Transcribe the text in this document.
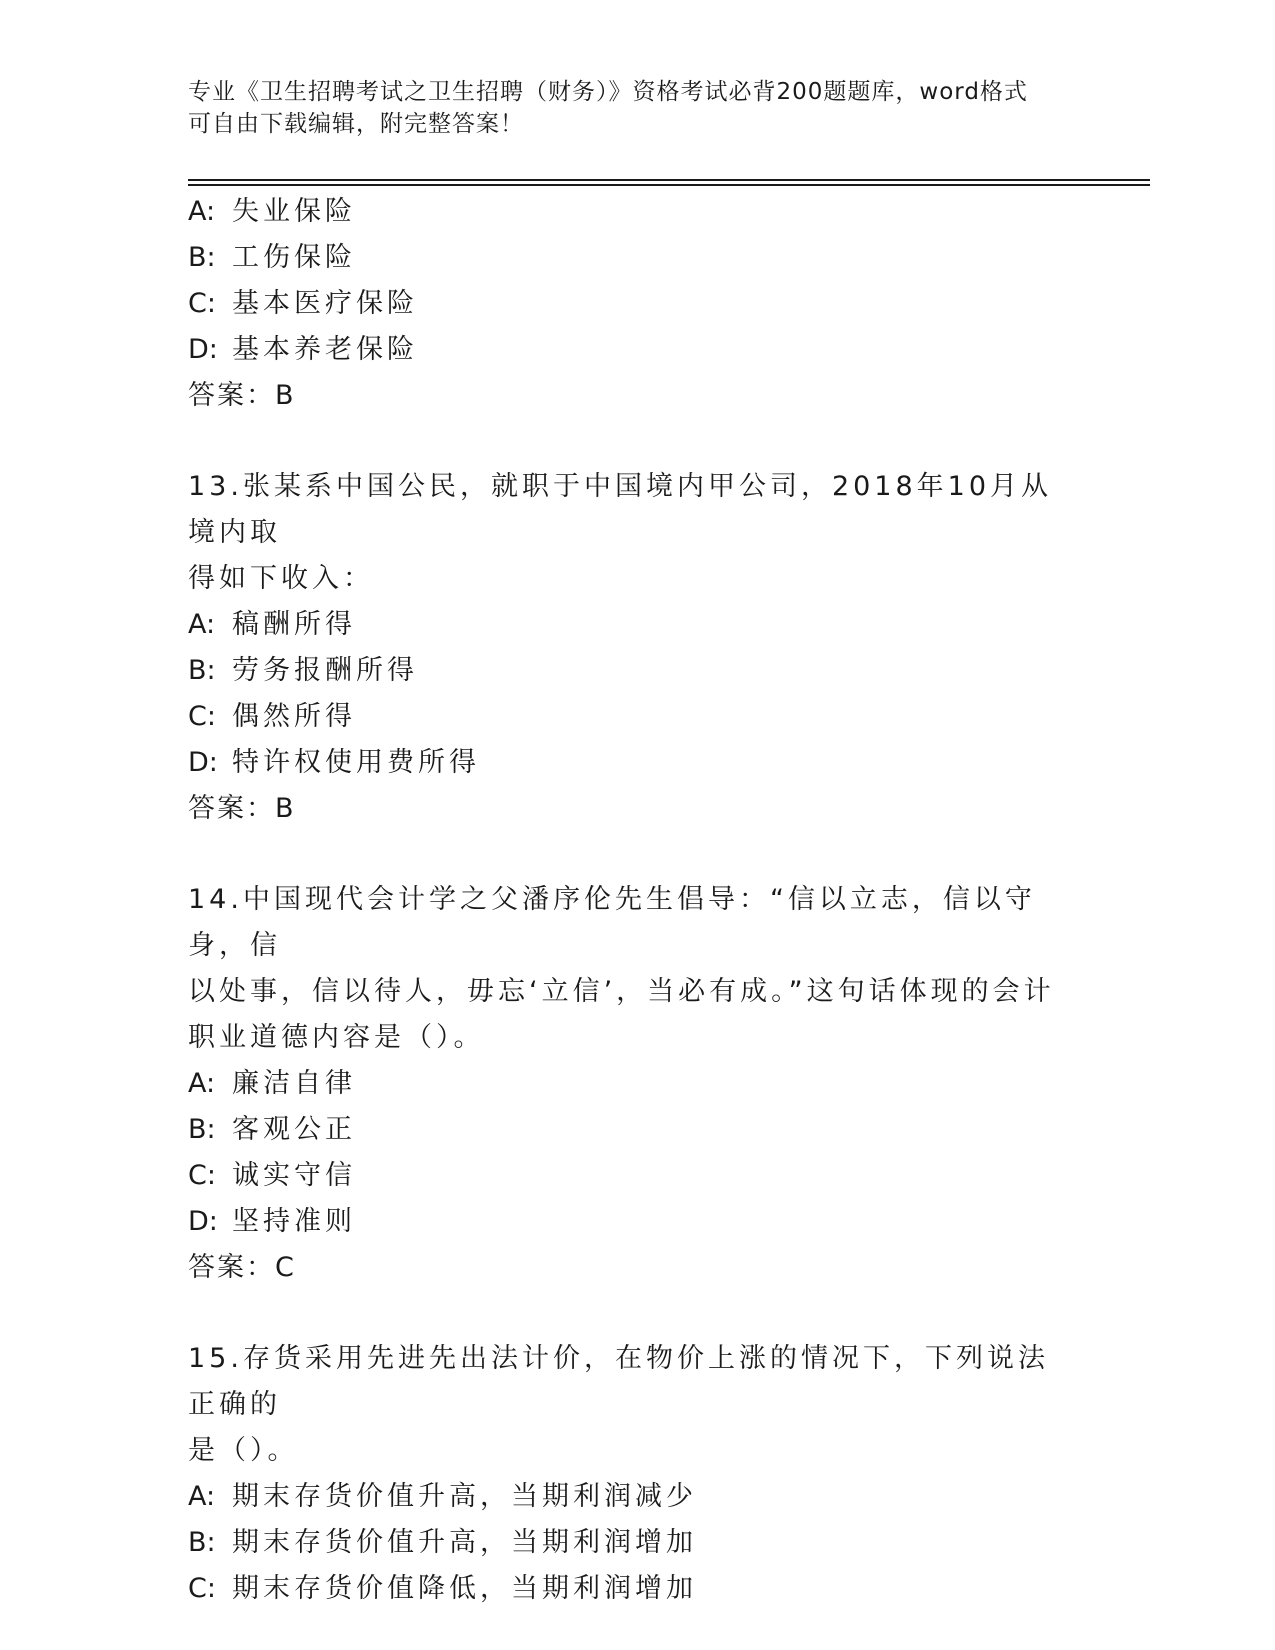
专业《卫生招聘考试之卫生招聘（财务）》资格考试必背200题题库，word格式
可自由下载编辑，附完整答案！
A: 失业保险
B: 工伤保险
C: 基本医疗保险
D: 基本养老保险
答案：B
13.张某系中国公民，就职于中国境内甲公司，2018年10月从境内取
得如下收入：
A: 稿酬所得
B: 劳务报酬所得
C: 偶然所得
D: 特许权使用费所得
答案：B
14.中国现代会计学之父潘序伦先生倡导：“信以立志，信以守身，信
以处事，信以待人，毋忘‘立信’，当必有成。”这句话体现的会计
职业道德内容是（）。
A: 廉洁自律
B: 客观公正
C: 诚实守信
D: 坚持准则
答案：C
15.存货采用先进先出法计价，在物价上涨的情况下，下列说法正确的
是（）。
A: 期末存货价值升高，当期利润减少
B: 期末存货价值升高，当期利润增加
C: 期末存货价值降低，当期利润增加
